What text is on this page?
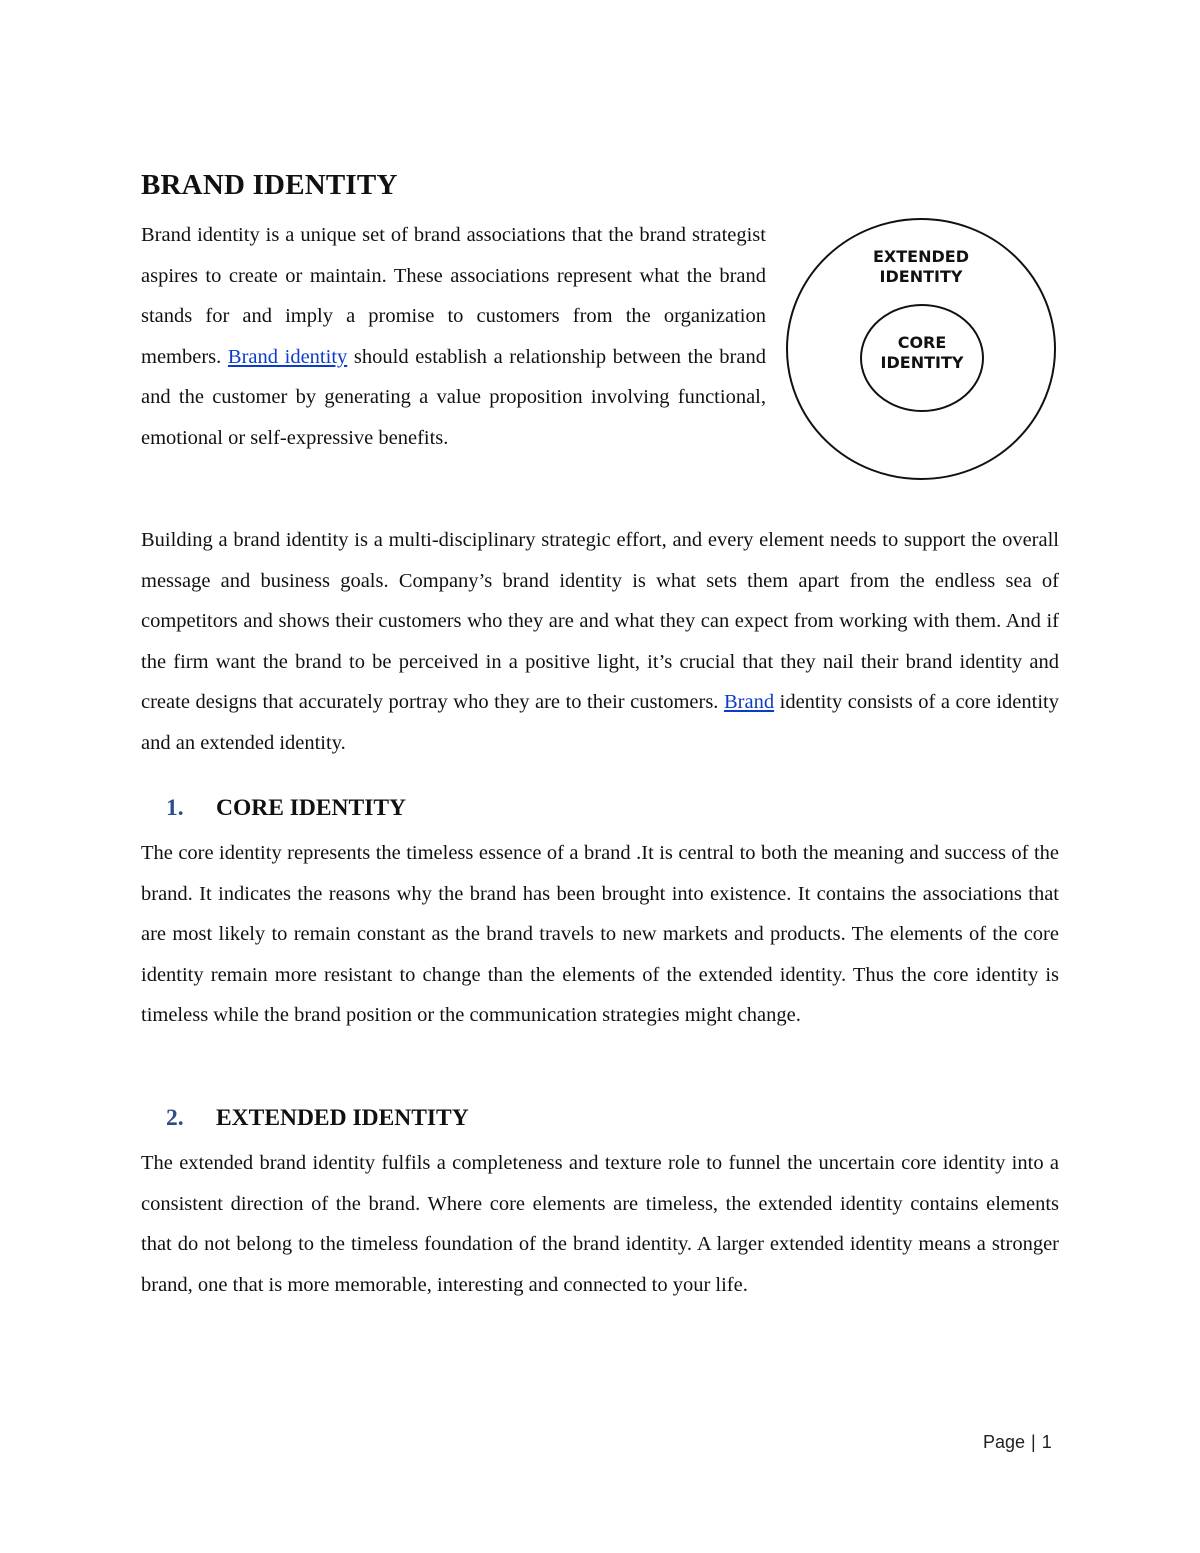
BRAND IDENTITY

Brand identity is a unique set of brand associations that the brand strategist aspires to create or maintain. These associations represent what the brand stands for and imply a promise to customers from the organization members. Brand identity should establish a relationship between the brand and the customer by generating a value proposition involving functional, emotional or self-expressive benefits.

EXTENDED
IDENTITY
CORE
IDENTITY

Building a brand identity is a multi-disciplinary strategic effort, and every element needs to support the overall message and business goals. Company’s brand identity is what sets them apart from the endless sea of competitors and shows their customers who they are and what they can expect from working with them. And if the firm want the brand to be perceived in a positive light, it’s crucial that they nail their brand identity and create designs that accurately portray who they are to their customers. Brand identity consists of a core identity and an extended identity.

1. CORE IDENTITY

The core identity represents the timeless essence of a brand .It is central to both the meaning and success of the brand. It indicates the reasons why the brand has been brought into existence. It contains the associations that are most likely to remain constant as the brand travels to new markets and products. The elements of the core identity remain more resistant to change than the elements of the extended identity. Thus the core identity is timeless while the brand position or the communication strategies might change.

2. EXTENDED IDENTITY

The extended brand identity fulfils a completeness and texture role to funnel the uncertain core identity into a consistent direction of the brand. Where core elements are timeless, the extended identity contains elements that do not belong to the timeless foundation of the brand identity. A larger extended identity means a stronger brand, one that is more memorable, interesting and connected to your life.

Page | 1
